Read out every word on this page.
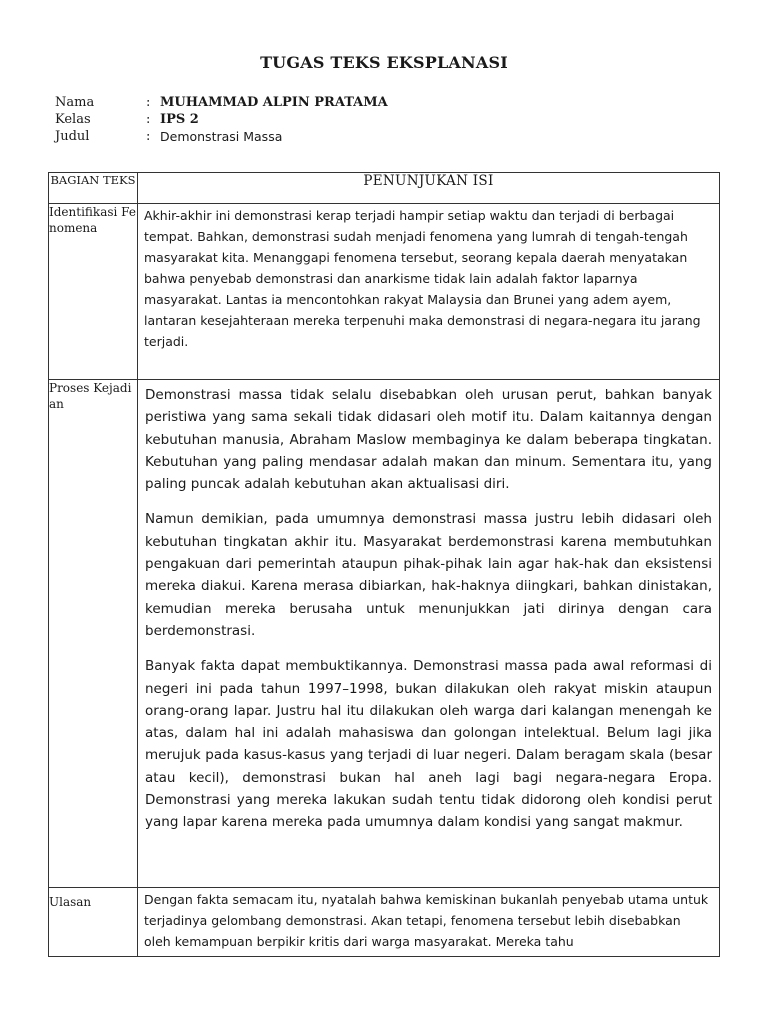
TUGAS TEKS EKSPLANASI
Nama	: MUHAMMAD ALPIN PRATAMA
Kelas	: IPS 2
Judul	: Demonstrasi Massa
BAGIAN TEKS	PENUNJUKAN ISI
Identifikasi Fenomena	Akhir-akhir ini demonstrasi kerap terjadi hampir setiap waktu dan terjadi di berbagai tempat. Bahkan, demonstrasi sudah menjadi fenomena yang lumrah di tengah-tengah masyarakat kita. Menanggapi fenomena tersebut, seorang kepala daerah menyatakan bahwa penyebab demonstrasi dan anarkisme tidak lain adalah faktor laparnya masyarakat. Lantas ia mencontohkan rakyat Malaysia dan Brunei yang adem ayem, lantaran kesejahteraan mereka terpenuhi maka demonstrasi di negara-negara itu jarang terjadi.

Proses Kejadian	Demonstrasi massa tidak selalu disebabkan oleh urusan perut, bahkan banyak peristiwa yang sama sekali tidak didasari oleh motif itu. Dalam kaitannya dengan kebutuhan manusia, Abraham Maslow membaginya ke dalam beberapa tingkatan. Kebutuhan yang paling mendasar adalah makan dan minum. Sementara itu, yang paling puncak adalah kebutuhan akan aktualisasi diri.

Namun demikian, pada umumnya demonstrasi massa justru lebih didasari oleh kebutuhan tingkatan akhir itu. Masyarakat berdemonstrasi karena membutuhkan pengakuan dari pemerintah ataupun pihak-pihak lain agar hak-hak dan eksistensi mereka diakui. Karena merasa dibiarkan, hak-haknya diingkari, bahkan dinistakan, kemudian mereka berusaha untuk menunjukkan jati dirinya dengan cara berdemonstrasi.

Banyak fakta dapat membuktikannya. Demonstrasi massa pada awal reformasi di negeri ini pada tahun 1997–1998, bukan dilakukan oleh rakyat miskin ataupun orang-orang lapar. Justru hal itu dilakukan oleh warga dari kalangan menengah ke atas, dalam hal ini adalah mahasiswa dan golongan intelektual. Belum lagi jika merujuk pada kasus-kasus yang terjadi di luar negeri. Dalam beragam skala (besar atau kecil), demonstrasi bukan hal aneh lagi bagi negara-negara Eropa. Demonstrasi yang mereka lakukan sudah tentu tidak didorong oleh kondisi perut yang lapar karena mereka pada umumnya dalam kondisi yang sangat makmur.

Ulasan	Dengan fakta semacam itu, nyatalah bahwa kemiskinan bukanlah penyebab utama untuk terjadinya gelombang demonstrasi. Akan tetapi, fenomena tersebut lebih disebabkan oleh kemampuan berpikir kritis dari warga masyarakat. Mereka tahu
